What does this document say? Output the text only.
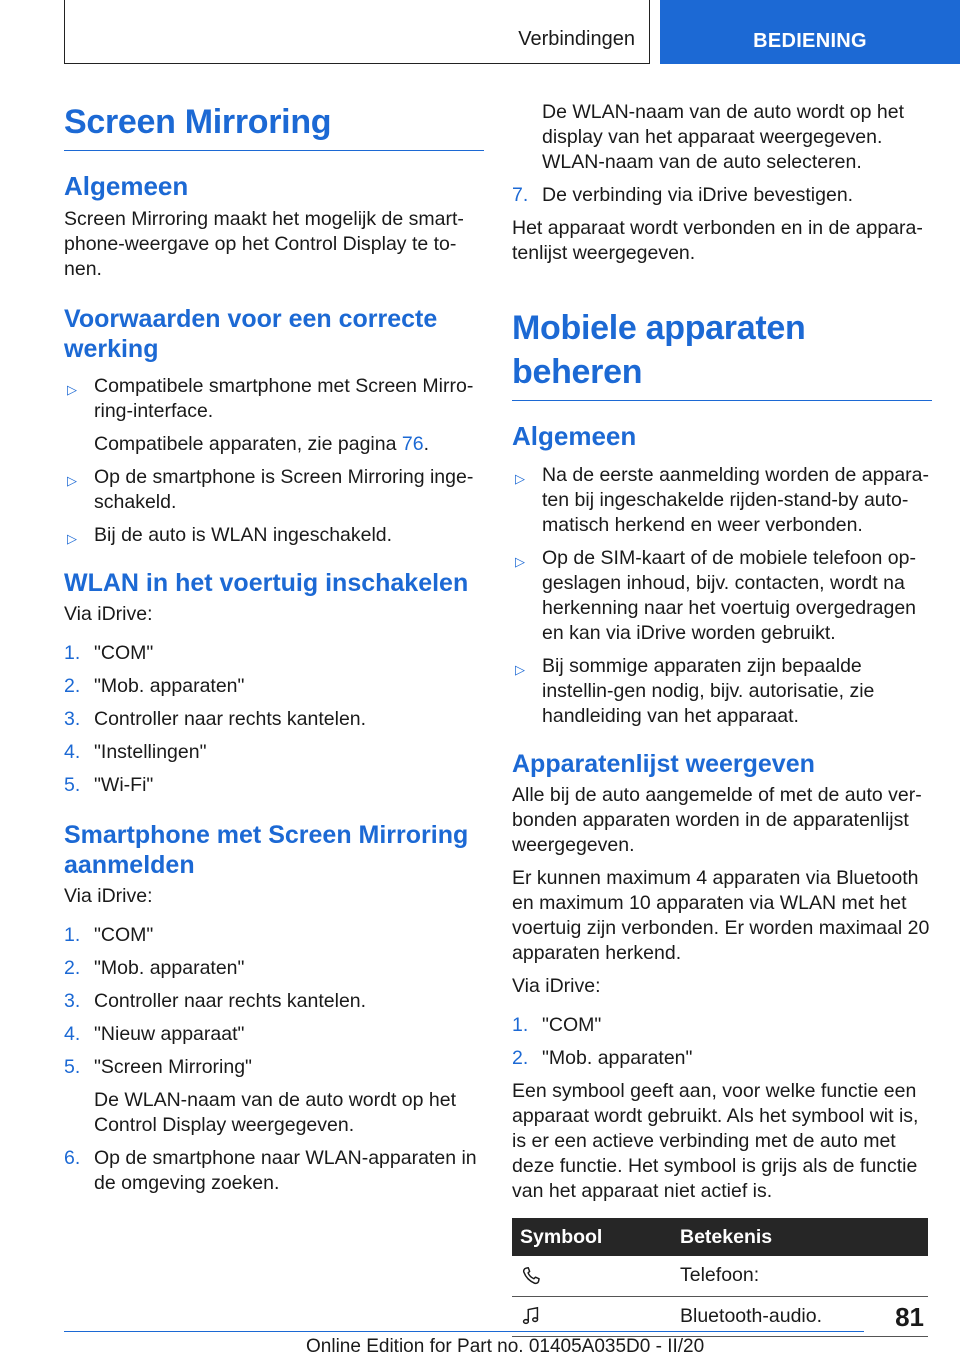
Verbindingen	BEDIENING
Screen Mirroring
Algemeen

Screen Mirroring maakt het mogelijk de smart-phone-weergave op het Control Display te to-nen.

Voorwaarden voor een correcte werking
▷ Compatibele smartphone met Screen Mirro-ring-interface.
Compatibele apparaten, zie pagina 76.
▷ Op de smartphone is Screen Mirroring inge-schakeld.
▷ Bij de auto is WLAN ingeschakeld.
WLAN in het voertuig inschakelen

Via iDrive:

1. "COM"
2. "Mob. apparaten"
3. Controller naar rechts kantelen.
4. "Instellingen"
5. "Wi-Fi"
Smartphone met Screen Mirroring aanmelden

Via iDrive:

1. "COM"
2. "Mob. apparaten"
3. Controller naar rechts kantelen.
4. "Nieuw apparaat"
5. "Screen Mirroring"
De WLAN-naam van de auto wordt op het Control Display weergegeven.
6. Op de smartphone naar WLAN-apparaten in de omgeving zoeken.

De WLAN-naam van de auto wordt op het display van het apparaat weergegeven. WLAN-naam van de auto selecteren.

7. De verbinding via iDrive bevestigen.

Het apparaat wordt verbonden en in de appara-tenlijst weergegeven.

Mobiele apparaten beheren
Algemeen
▷ Na de eerste aanmelding worden de appara-ten bij ingeschakelde rijden-stand-by auto-matisch herkend en weer verbonden.
▷ Op de SIM-kaart of de mobiele telefoon op-geslagen inhoud, bijv. contacten, wordt na herkenning naar het voertuig overgedragen en kan via iDrive worden gebruikt.
▷ Bij sommige apparaten zijn bepaalde instellin-gen nodig, bijv. autorisatie, zie handleiding van het apparaat.
Apparatenlijst weergeven

Alle bij de auto aangemelde of met de auto ver-bonden apparaten worden in de apparatenlijst weergegeven.

Er kunnen maximum 4 apparaten via Bluetooth en maximum 10 apparaten via WLAN met het voertuig zijn verbonden. Er worden maximaal 20 apparaten herkend.

Via iDrive:

1. "COM"
2. "Mob. apparaten"

Een symbool geeft aan, voor welke functie een apparaat wordt gebruikt. Als het symbool wit is, is er een actieve verbinding met de auto met deze functie. Het symbool is grijs als de functie van het apparaat niet actief is.

Symbool	Betekenis

	Telefoon:

	Bluetooth-audio.	81
Online Edition for Part no. 01405A035D0 - II/20
